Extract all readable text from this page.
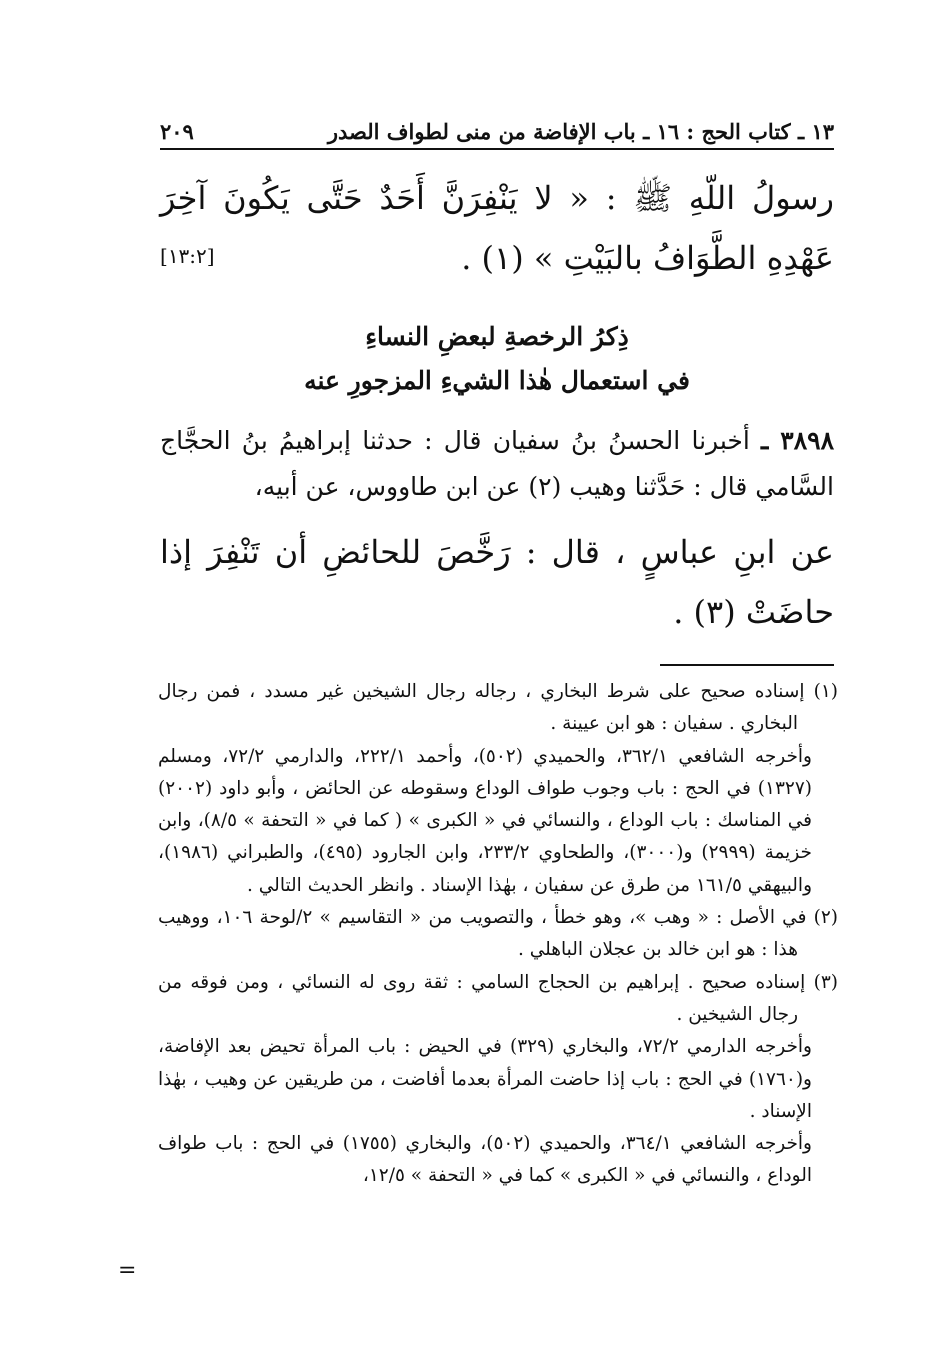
٢٠٩	١٣ ـ كتاب الحج : ١٦ ـ باب الإفاضة من منى لطواف الصدر
رسولُ اللّهِ ﷺ : « لا يَنْفِرَنَّ أَحَدٌ حَتَّى يَكُونَ آخِرَ عَهْدِهِ الطَّوَافُ بالبَيْتِ » (١) .
[١٣:٢]
ذِكرُ الرخصةِ لبعضِ النساءِ
في استعمال هٰذا الشيءِ المزجورِ عنه
٣٨٩٨ ـ أخبرنا الحسنُ بنُ سفيان قال : حدثنا إبراهيمُ بنُ الحجَّاج السَّامي قال : حَدَّثنا وهيب (٢) عن ابن طاووس، عن أبيه،
عن ابنِ عباسٍ ، قال : رَخَّصَ للحائضِ أن تَنْفِرَ إذا حاضَتْ (٣) .

(١) إسناده صحيح على شرط البخاري ، رجاله رجال الشيخين غير مسدد ، فمن رجال البخاري . سفيان : هو ابن عيينة .

وأخرجه الشافعي ٣٦٢/١، والحميدي (٥٠٢)، وأحمد ٢٢٢/١، والدارمي ٧٢/٢، ومسلم (١٣٢٧) في الحج : باب وجوب طواف الوداع وسقوطه عن الحائض ، وأبو داود (٢٠٠٢) في المناسك : باب الوداع ، والنسائي في « الكبرى » ( كما في « التحفة » ٨/٥)، وابن خزيمة (٢٩٩٩) و(٣٠٠٠)، والطحاوي ٢٣٣/٢، وابن الجارود (٤٩٥)، والطبراني (١٩٨٦)، والبيهقي ١٦١/٥ من طرق عن سفيان ، بهٰذا الإسناد . وانظر الحديث التالي .

(٢) في الأصل : « وهب »، وهو خطأ ، والتصويب من « التقاسيم » ٢/لوحة ١٠٦، ووهيب هذا : هو ابن خالد بن عجلان الباهلي .

(٣) إسناده صحيح . إبراهيم بن الحجاج السامي : ثقة روى له النسائي ، ومن فوقه من رجال الشيخين .

وأخرجه الدارمي ٧٢/٢، والبخاري (٣٢٩) في الحيض : باب المرأة تحيض بعد الإفاضة، و(١٧٦٠) في الحج : باب إذا حاضت المرأة بعدما أفاضت ، من طريقين عن وهيب ، بهٰذا الإسناد .

وأخرجه الشافعي ٣٦٤/١، والحميدي (٥٠٢)، والبخاري (١٧٥٥) في الحج : باب طواف الوداع ، والنسائي في « الكبرى » كما في « التحفة » ١٢/٥،

=
